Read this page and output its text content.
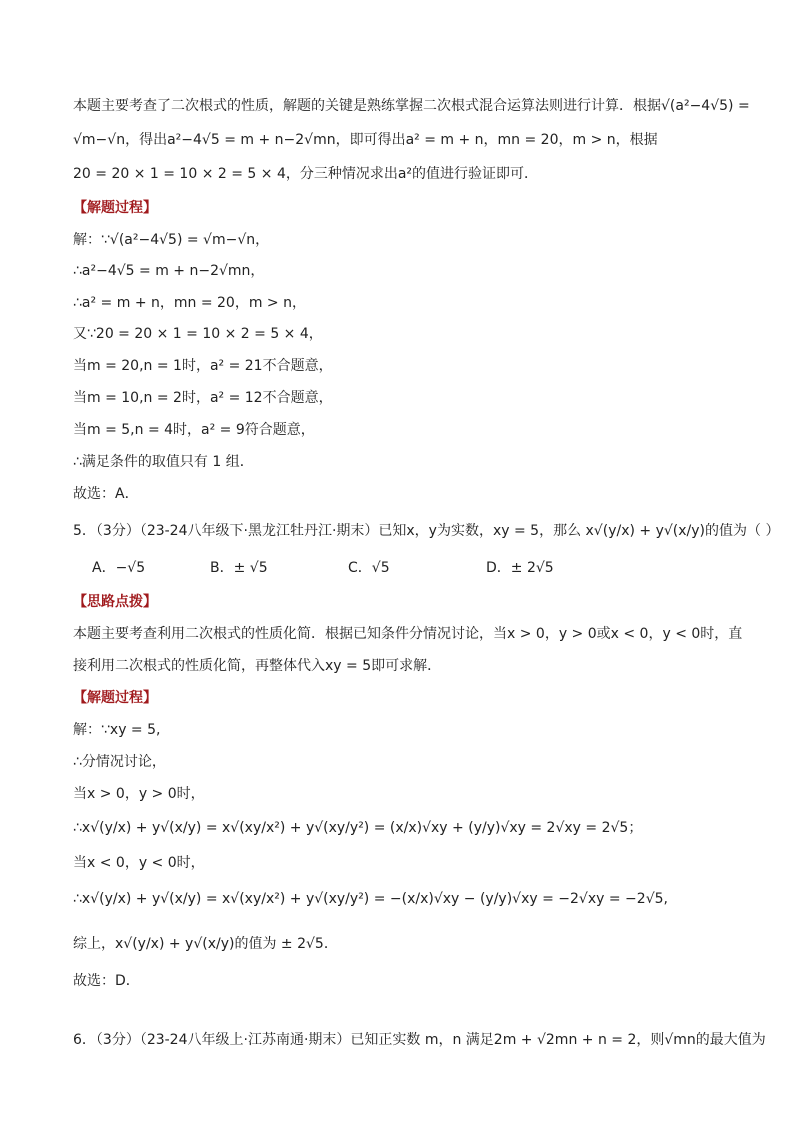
本题主要考查了二次根式的性质，解题的关键是熟练掌握二次根式混合运算法则进行计算．根据√(a²−4√5) =
√m−√n，得出a²−4√5 = m + n−2√mn，即可得出a² = m + n，mn = 20，m > n，根据
20 = 20 × 1 = 10 × 2 = 5 × 4，分三种情况求出a²的值进行验证即可．
【解题过程】
解：∵√(a²−4√5) = √m−√n，
∴a²−4√5 = m + n−2√mn，
∴a² = m + n，mn = 20，m > n，
又∵20 = 20 × 1 = 10 × 2 = 5 × 4，
当m = 20,n = 1时，a² = 21不合题意，
当m = 10,n = 2时，a² = 12不合题意，
当m = 5,n = 4时，a² = 9符合题意，
∴满足条件的取值只有 1 组．
故选：A．
5．（3分）（23-24八年级下·黑龙江牡丹江·期末）已知x，y为实数，xy = 5，那么 x√(y/x) + y√(x/y)的值为（ ）
A．−√5	B．± √5	C．√5	D．± 2√5
【思路点拨】
本题主要考查利用二次根式的性质化简．根据已知条件分情况讨论，当x > 0，y > 0或x < 0，y < 0时，直
接利用二次根式的性质化简，再整体代入xy = 5即可求解．
【解题过程】
解：∵xy = 5,
∴分情况讨论，
当x > 0，y > 0时，
∴x√(y/x) + y√(x/y) = x√(xy/x²) + y√(xy/y²) = (x/x)√xy + (y/y)√xy = 2√xy = 2√5；
当x < 0，y < 0时，
∴x√(y/x) + y√(x/y) = x√(xy/x²) + y√(xy/y²) = −(x/x)√xy − (y/y)√xy = −2√xy = −2√5,
综上，x√(y/x) + y√(x/y)的值为 ± 2√5．
故选：D．
6．（3分）（23-24八年级上·江苏南通·期末）已知正实数 m，n 满足2m + √2mn + n = 2，则√mn的最大值为
